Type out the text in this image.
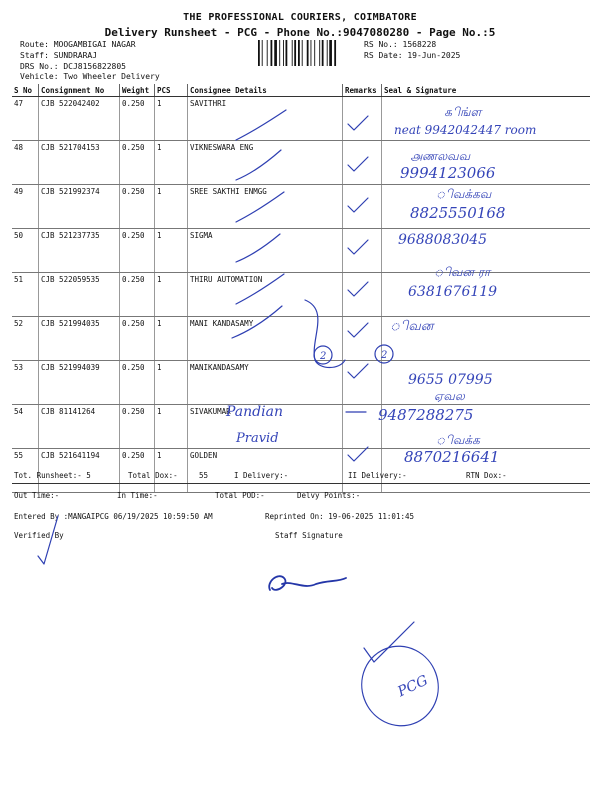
THE PROFESSIONAL COURIERS, COIMBATORE
Delivery Runsheet - PCG - Phone No.:9047080280 - Page No.:5
Route: MOOGAMBIGAI NAGAR
Staff: SUNDRARAJ
DRS No.: DCJ8156822805
Vehicle: Two Wheeler Delivery
RS No.: 1568228
RS Date: 19-Jun-2025
S No	Consignment No	Weight	PCS	Consignee Details	Remarks	Seal & Signature
47	CJB 522042402	0.250	1	SAVITHRI		
48	CJB 521704153	0.250	1	VIKNESWARA ENG		
49	CJB 521992374	0.250	1	SREE SAKTHI ENMGG		
50	CJB 521237735	0.250	1	SIGMA		
51	CJB 522059535	0.250	1	THIRU AUTOMATION		
52	CJB 521994035	0.250	1	MANI KANDASAMY		
53	CJB 521994039	0.250	1	MANIKANDASAMY		
54	CJB 81141264	0.250	1	SIVAKUMAR		
55	CJB 521641194	0.250	1	GOLDEN		
Tot. Runsheet:- 5	Total Dox:-	55	I Delivery:-	II Delivery:-	RTN Dox:-
Out Time:-	In Time:-	Total POD:-	Delvy Points:-
Entered By :MANGAIPCG 06/19/2025 10:59:50 AM	Reprinted On: 19-06-2025 11:01:45
Verified By	Staff Signature
2	2
௧ிங்ள
neat 9942042447 room
௮ணலவவ
9994123066
ிவக்கவ
8825550168
9688083045
ிவன ரா
6381676119
ிவன
9655 07995
ஏவல
9487288275
ிவக்க
8870216641
Pandian
Pravid
PCG
